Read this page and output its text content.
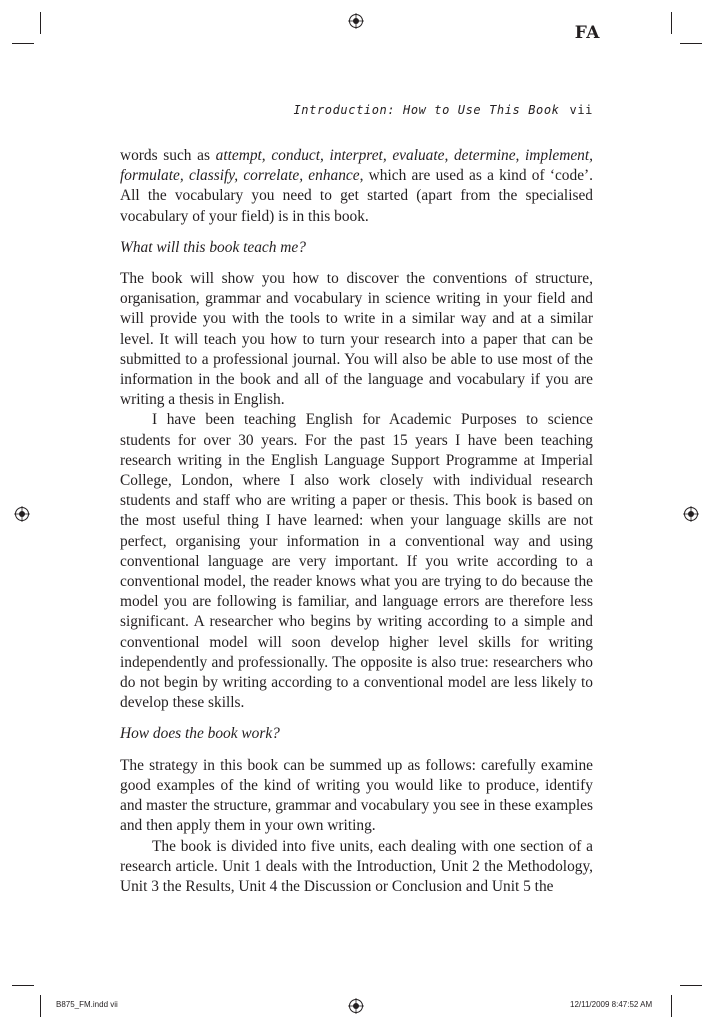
FA
Introduction: How to Use This Book vii

words such as attempt, conduct, interpret, evaluate, determine, implement, formulate, classify, correlate, enhance, which are used as a kind of ‘code’. All the vocabulary you need to get started (apart from the specialised vocabulary of your field) is in this book.

What will this book teach me?

The book will show you how to discover the conventions of structure, organisation, grammar and vocabulary in science writing in your field and will provide you with the tools to write in a similar way and at a similar level. It will teach you how to turn your research into a paper that can be submitted to a professional journal. You will also be able to use most of the information in the book and all of the language and vocabulary if you are writing a thesis in English.

I have been teaching English for Academic Purposes to science students for over 30 years. For the past 15 years I have been teaching research writing in the English Language Support Programme at Imperial College, London, where I also work closely with individual research students and staff who are writing a paper or thesis. This book is based on the most useful thing I have learned: when your language skills are not perfect, organising your information in a conventional way and using conventional language are very important. If you write according to a conventional model, the reader knows what you are trying to do because the model you are following is familiar, and language errors are therefore less significant. A researcher who begins by writing according to a simple and conventional model will soon develop higher level skills for writing independently and professionally. The opposite is also true: researchers who do not begin by writing according to a conventional model are less likely to develop these skills.

How does the book work?

The strategy in this book can be summed up as follows: carefully examine good examples of the kind of writing you would like to produce, identify and master the structure, grammar and vocabulary you see in these examples and then apply them in your own writing.

The book is divided into five units, each dealing with one section of a research article. Unit 1 deals with the Introduction, Unit 2 the Methodology, Unit 3 the Results, Unit 4 the Discussion or Conclusion and Unit 5 the

B875_FM.indd vii	12/11/2009 8:47:52 AM
